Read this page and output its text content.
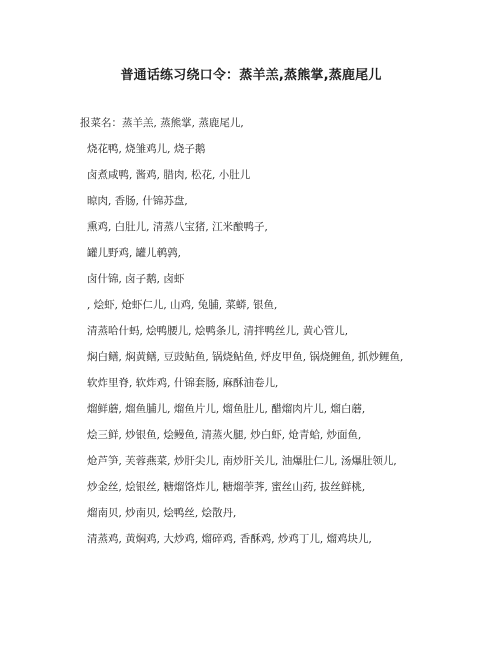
普通话练习绕口令：蒸羊羔,蒸熊掌,蒸鹿尾儿

报菜名：蒸羊羔, 蒸熊掌, 蒸鹿尾儿,

烧花鸭, 烧雏鸡儿, 烧子鹅

卤煮咸鸭, 酱鸡, 腊肉, 松花, 小肚儿

晾肉, 香肠, 什锦苏盘,

熏鸡, 白肚儿, 清蒸八宝猪, 江米酿鸭子,

罐儿野鸡, 罐儿鹌鹑,

卤什锦, 卤子鹅, 卤虾

, 烩虾, 炝虾仁儿, 山鸡, 兔脯, 菜蟒, 银鱼,

清蒸哈什蚂, 烩鸭腰儿, 烩鸭条儿, 清拌鸭丝儿, 黄心管儿,

焖白鳝, 焖黄鳝, 豆豉鲇鱼, 锅烧鲇鱼, 烀皮甲鱼, 锅烧鲤鱼, 抓炒鲤鱼,

软炸里脊, 软炸鸡, 什锦套肠, 麻酥油卷儿,

熘鲜蘑, 熘鱼脯儿, 熘鱼片儿, 熘鱼肚儿, 醋熘肉片儿, 熘白蘑,

烩三鲜, 炒银鱼, 烩鳗鱼, 清蒸火腿, 炒白虾, 炝青蛤, 炒面鱼,

炝芦笋, 芙蓉燕菜, 炒肝尖儿, 南炒肝关儿, 油爆肚仁儿, 汤爆肚领儿,

炒金丝, 烩银丝, 糖熘饹炸儿, 糖熘荸荠, 蜜丝山药, 拔丝鲜桃,

熘南贝, 炒南贝, 烩鸭丝, 烩散丹,

清蒸鸡, 黄焖鸡, 大炒鸡, 熘碎鸡, 香酥鸡, 炒鸡丁儿, 熘鸡块儿,
